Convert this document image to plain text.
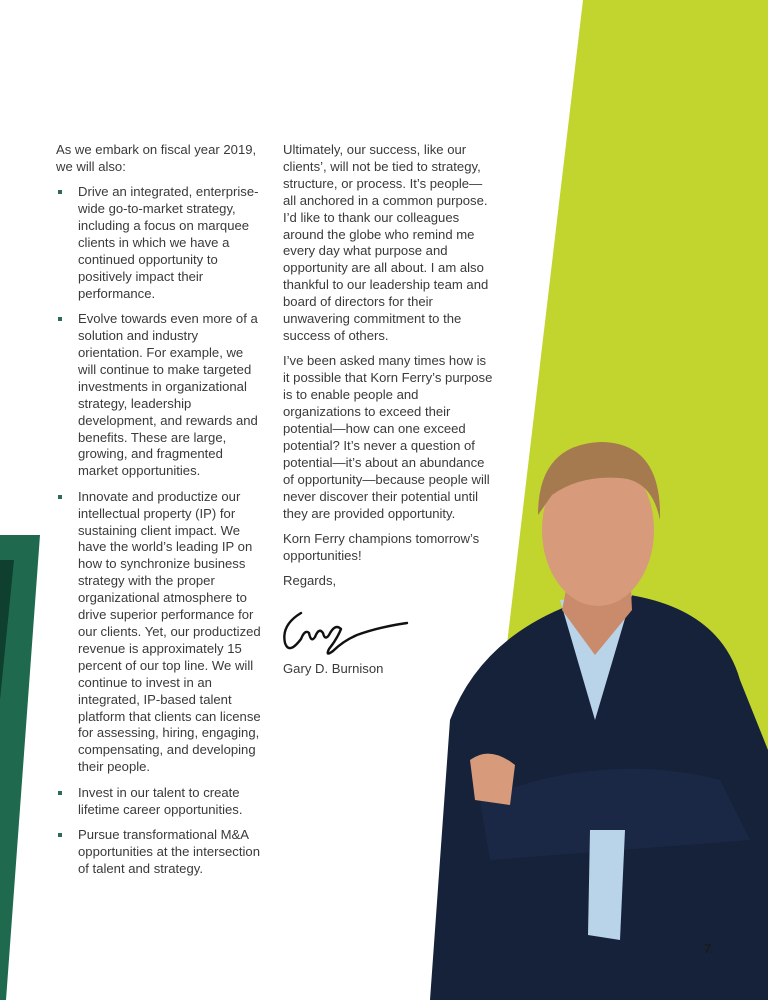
As we embark on fiscal year 2019, we will also:

Drive an integrated, enterprise-wide go-to-market strategy, including a focus on marquee clients in which we have a continued opportunity to positively impact their performance.
Evolve towards even more of a solution and industry orientation. For example, we will continue to make targeted investments in organizational strategy, leadership development, and rewards and benefits. These are large, growing, and fragmented market opportunities.
Innovate and productize our intellectual property (IP) for sustaining client impact. We have the world’s leading IP on how to synchronize business strategy with the proper organizational atmosphere to drive superior performance for our clients. Yet, our productized revenue is approximately 15 percent of our top line. We will continue to invest in an integrated, IP-based talent platform that clients can license for assessing, hiring, engaging, compensating, and developing their people.
Invest in our talent to create lifetime career opportunities.
Pursue transformational M&A opportunities at the intersection of talent and strategy.

Ultimately, our success, like our clients’, will not be tied to strategy, structure, or process. It’s people—all anchored in a common purpose. I’d like to thank our colleagues around the globe who remind me every day what purpose and opportunity are all about. I am also thankful to our leadership team and board of directors for their unwavering commitment to the success of others.

I’ve been asked many times how is it possible that Korn Ferry’s purpose is to enable people and organizations to exceed their potential—how can one exceed potential? It’s never a question of potential—it’s about an abundance of opportunity—because people will never discover their potential until they are provided opportunity.

Korn Ferry champions tomorrow’s opportunities!

Regards,

Gary D. Burnison

7
